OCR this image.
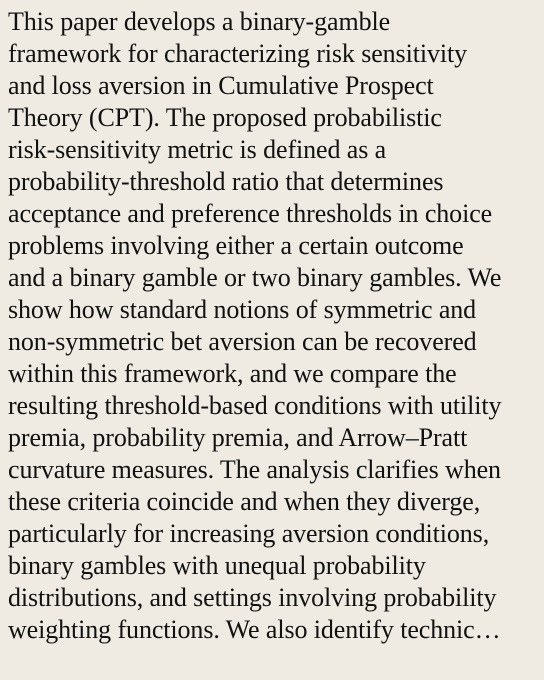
This paper develops a binary-gamble
framework for characterizing risk sensitivity
and loss aversion in Cumulative Prospect
Theory (CPT). The proposed probabilistic
risk-sensitivity metric is defined as a
probability-threshold ratio that determines
acceptance and preference thresholds in choice
problems involving either a certain outcome
and a binary gamble or two binary gambles. We
show how standard notions of symmetric and
non-symmetric bet aversion can be recovered
within this framework, and we compare the
resulting threshold-based conditions with utility
premia, probability premia, and Arrow–Pratt
curvature measures. The analysis clarifies when
these criteria coincide and when they diverge,
particularly for increasing aversion conditions,
binary gambles with unequal probability
distributions, and settings involving probability
weighting functions. We also identify technic…
